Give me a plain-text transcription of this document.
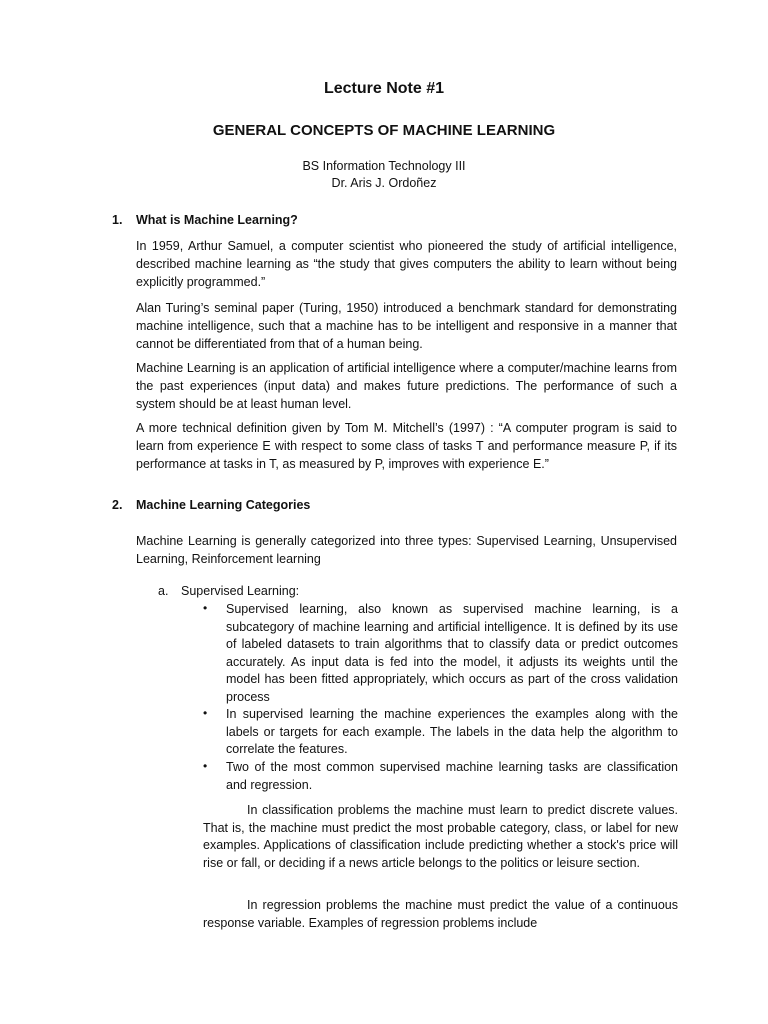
Lecture Note #1
GENERAL CONCEPTS OF MACHINE LEARNING
BS Information Technology III
Dr. Aris J. Ordoñez
1. What is Machine Learning?
In 1959, Arthur Samuel, a computer scientist who pioneered the study of artificial intelligence, described machine learning as “the study that gives computers the ability to learn without being explicitly programmed.”
Alan Turing’s seminal paper (Turing, 1950) introduced a benchmark standard for demonstrating machine intelligence, such that a machine has to be intelligent and responsive in a manner that cannot be differentiated from that of a human being.
Machine Learning is an application of artificial intelligence where a computer/machine learns from the past experiences (input data) and makes future predictions. The performance of such a system should be at least human level.
A more technical definition given by Tom M. Mitchell’s (1997) : “A computer program is said to learn from experience E with respect to some class of tasks T and performance measure P, if its performance at tasks in T, as measured by P, improves with experience E.”
2. Machine Learning Categories
Machine Learning is generally categorized into three types: Supervised Learning, Unsupervised Learning, Reinforcement learning
a. Supervised Learning:
• Supervised learning, also known as supervised machine learning, is a subcategory of machine learning and artificial intelligence. It is defined by its use of labeled datasets to train algorithms that to classify data or predict outcomes accurately. As input data is fed into the model, it adjusts its weights until the model has been fitted appropriately, which occurs as part of the cross validation process
• In supervised learning the machine experiences the examples along with the labels or targets for each example. The labels in the data help the algorithm to correlate the features.
• Two of the most common supervised machine learning tasks are classification and regression.
In classification problems the machine must learn to predict discrete values. That is, the machine must predict the most probable category, class, or label for new examples. Applications of classification include predicting whether a stock's price will rise or fall, or deciding if a news article belongs to the politics or leisure section.
In regression problems the machine must predict the value of a continuous response variable. Examples of regression problems include
